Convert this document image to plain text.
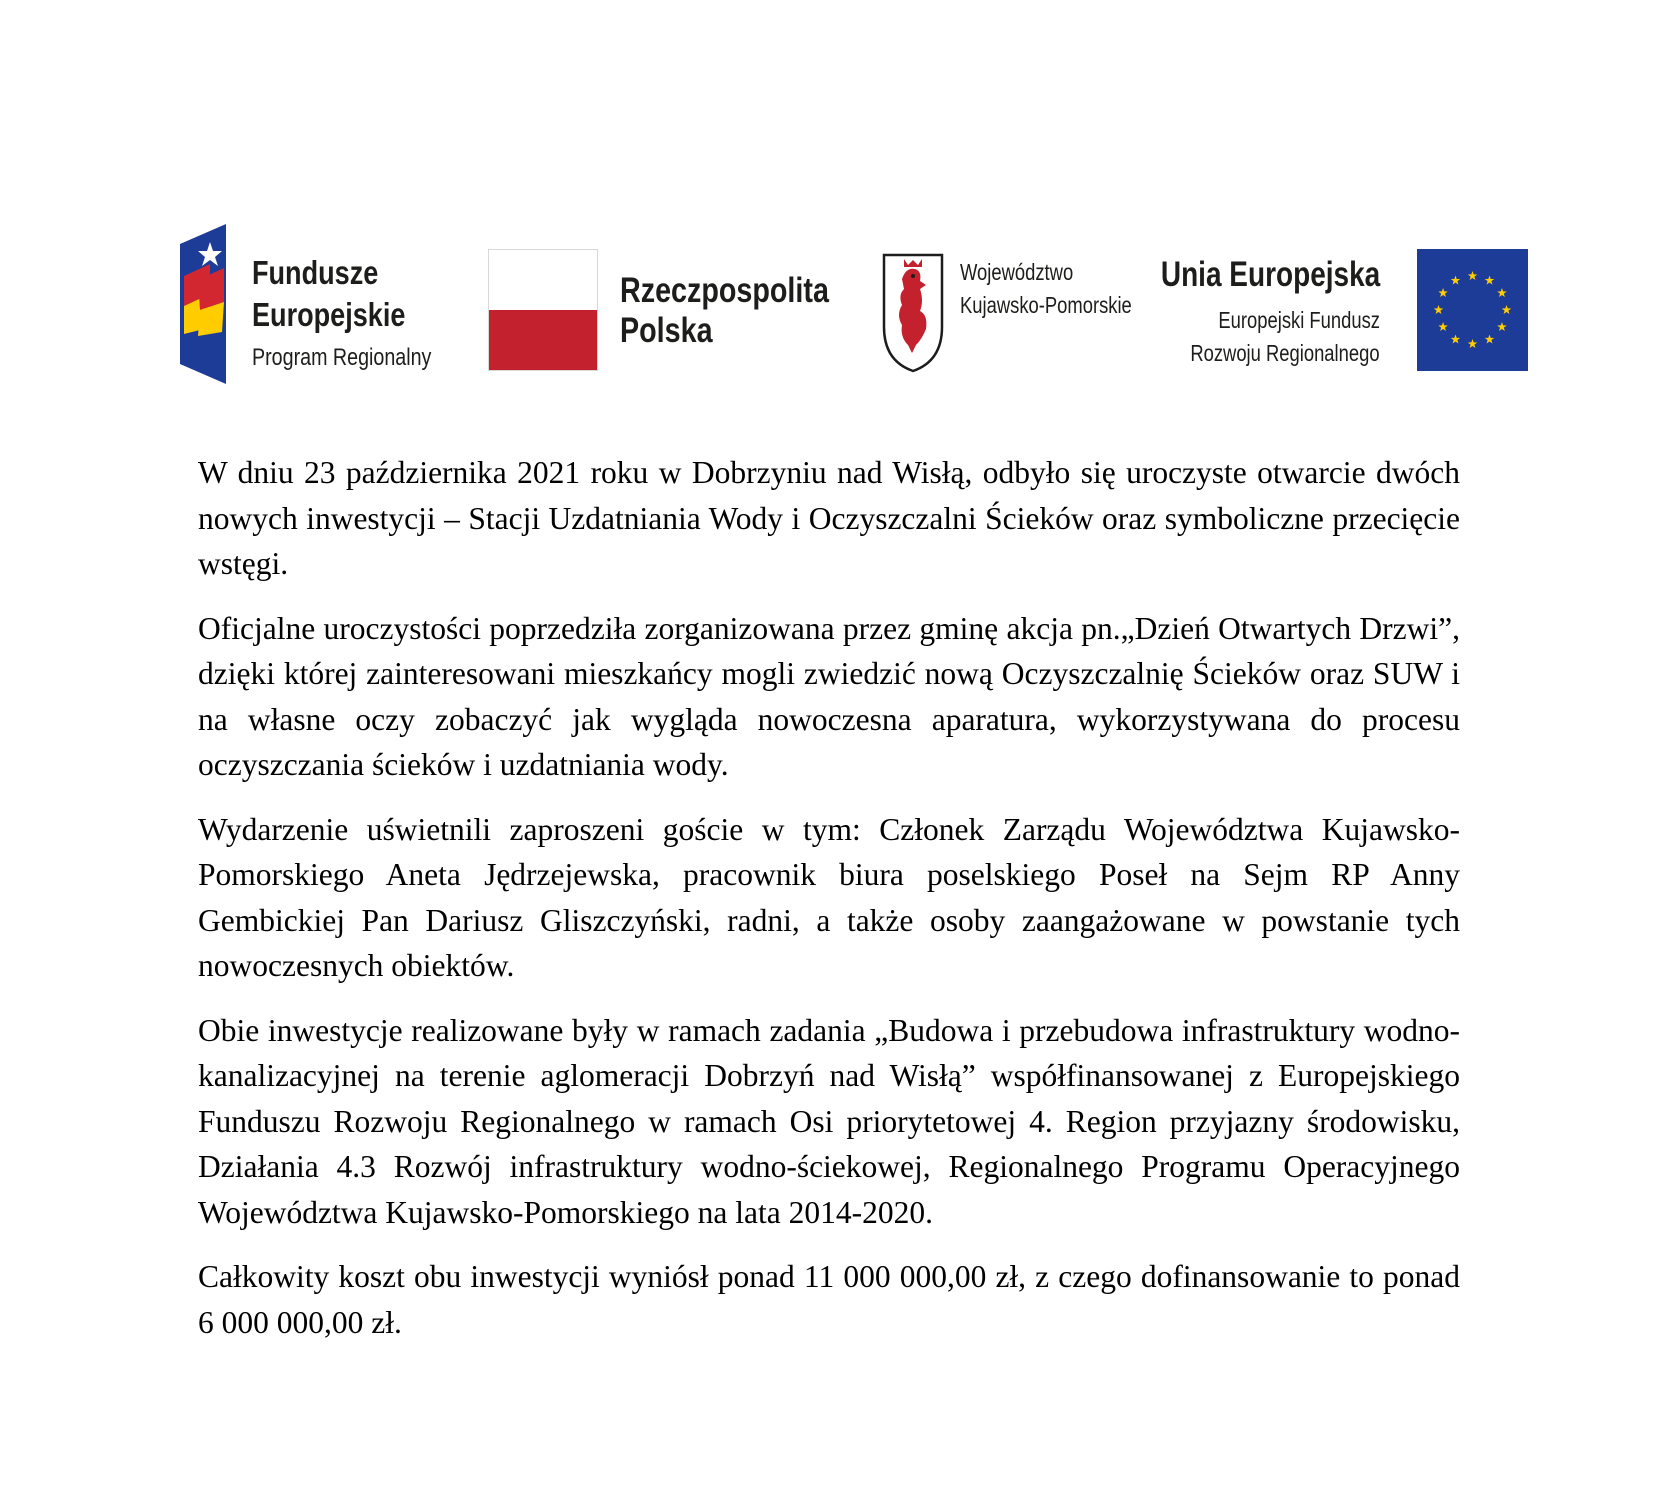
Fundusze
Europejskie
Program Regionalny
Rzeczpospolita
Polska
Województwo
Kujawsko-Pomorskie
Unia Europejska
Europejski Fundusz
Rozwoju Regionalnego

W dniu 23 października 2021 roku w Dobrzyniu nad Wisłą, odbyło się uroczyste otwarcie dwóch nowych inwestycji – Stacji Uzdatniania Wody i Oczyszczalni Ścieków oraz symboliczne przecięcie wstęgi.

Oficjalne uroczystości poprzedziła zorganizowana przez gminę akcja pn.„Dzień Otwartych Drzwi”, dzięki której zainteresowani mieszkańcy mogli zwiedzić nową Oczyszczalnię Ścieków oraz SUW i na własne oczy zobaczyć jak wygląda nowoczesna aparatura, wykorzystywana do procesu oczyszczania ścieków i uzdatniania wody.

Wydarzenie uświetnili zaproszeni goście w tym: Członek Zarządu Województwa Kujawsko- Pomorskiego Aneta Jędrzejewska, pracownik biura poselskiego Poseł na Sejm RP Anny Gembickiej Pan Dariusz Gliszczyński, radni, a także osoby zaangażowane w powstanie tych nowoczesnych obiektów.

Obie inwestycje realizowane były w ramach zadania „Budowa i przebudowa infrastruktury wodno-kanalizacyjnej na terenie aglomeracji Dobrzyń nad Wisłą” współfinansowanej z Europejskiego Funduszu Rozwoju Regionalnego w ramach Osi priorytetowej 4. Region przyjazny środowisku, Działania 4.3 Rozwój infrastruktury wodno-ściekowej, Regionalnego Programu Operacyjnego Województwa Kujawsko-Pomorskiego na lata 2014-2020.

Całkowity koszt obu inwestycji wyniósł ponad 11 000 000,00 zł, z czego dofinansowanie to ponad 6 000 000,00 zł.
